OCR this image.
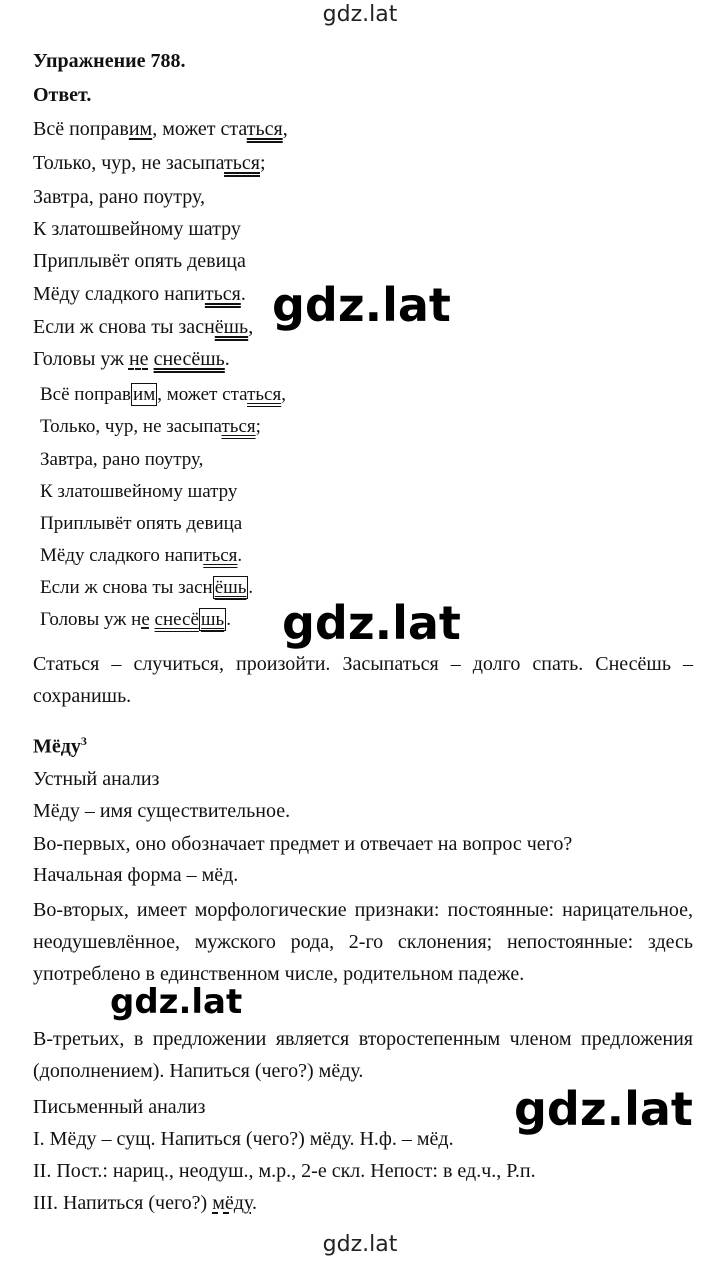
gdz.lat
gdz.lat
gdz.lat
gdz.lat
gdz.lat
gdz.lat
Упражнение 788.
Ответ.
Всё поправим, может статься,
Только, чур, не засыпаться;
Завтра, рано поутру,
К златошвейному шатру
Приплывёт опять девица
Мёду сладкого напиться.
Если ж снова ты заснёшь,
Головы уж не снесёшь.
Всё поправ им , может статься,
Только, чур, не засыпаться;
Завтра, рано поутру,
К златошвейному шатру
Приплывёт опять девица
Мёду сладкого напиться.
Если ж снова ты засн ёшь .
Головы уж не снесё шь .
Статься – случиться, произойти. Засыпаться – долго спать. Снесёшь – сохранишь.
Мёду$^3$
Устный анализ
Мёду – имя существительное.
Во-первых, оно обозначает предмет и отвечает на вопрос чего?
Начальная форма – мёд.
Во-вторых, имеет морфологические признаки: постоянные: нарицательное, неодушевлённое, мужского рода, 2-го склонения; непостоянные: здесь употреблено в единственном числе, родительном падеже.
В-третьих, в предложении является второстепенным членом предложения (дополнением). Напиться (чего?) мёду.
Письменный анализ
I. Мёду – сущ. Напиться (чего?) мёду. Н.ф. – мёд.
II. Пост.: нариц., неодуш., м.р., 2-е скл. Непост: в ед.ч., Р.п.
III. Напиться (чего?) мёду.
